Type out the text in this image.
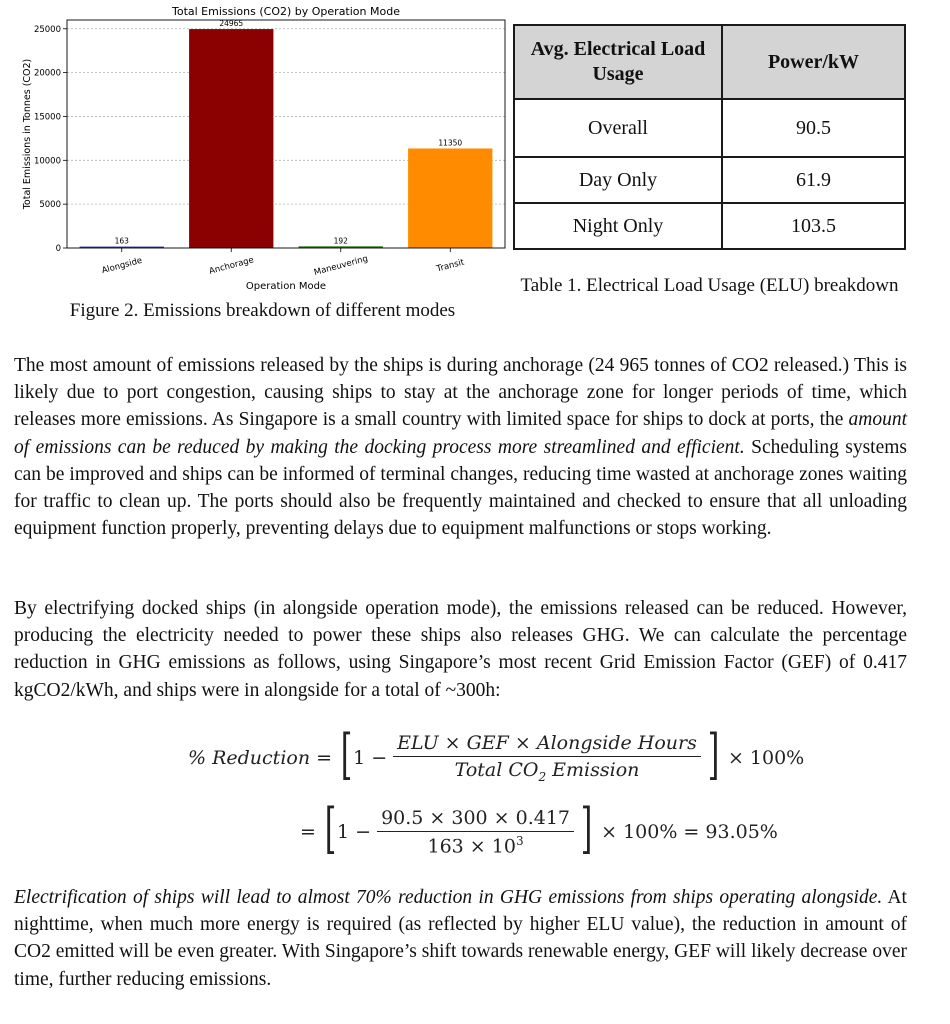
0
5000
10000
15000
20000
25000
163
Alongside
24965
Anchorage
192
Maneuvering
11350
Transit
Total Emissions (CO2) by Operation Mode
Operation Mode
Total Emissions in Tonnes (CO2)
Figure 2. Emissions breakdown of different modes
Avg. Electrical Load Usage	Power/kW
Overall	90.5
Day Only	61.9
Night Only	103.5
Table 1. Electrical Load Usage (ELU) breakdown

The most amount of emissions released by the ships is during anchorage (24 965 tonnes of CO2 released.) This is likely due to port congestion, causing ships to stay at the anchorage zone for longer periods of time, which releases more emissions. As Singapore is a small country with limited space for ships to dock at ports, the amount of emissions can be reduced by making the docking process more streamlined and efficient. Scheduling systems can be improved and ships can be informed of terminal changes, reducing time wasted at anchorage zones waiting for traffic to clean up. The ports should also be frequently maintained and checked to ensure that all unloading equipment function properly, preventing delays due to equipment malfunctions or stops working.

By electrifying docked ships (in alongside operation mode), the emissions released can be reduced. However, producing the electricity needed to power these ships also releases GHG. We can calculate the percentage reduction in GHG emissions as follows, using Singapore’s most recent Grid Emission Factor (GEF) of 0.417 kgCO2/kWh, and ships were in alongside for a total of ~300h:

% Reduction = [ $1 - \frac{\text{ELU × GEF × Alongside Hours}}{Total CO_2 Emission}$ ] × 100%
= [ $1 - \frac{90.5 \times 300 \times 0.417}{163 \times 10^3}$ ] × 100% = 93.05%

Electrification of ships will lead to almost 70% reduction in GHG emissions from ships operating alongside. At nighttime, when much more energy is required (as reflected by higher ELU value), the reduction in amount of CO2 emitted will be even greater. With Singapore’s shift towards renewable energy, GEF will likely decrease over time, further reducing emissions.
